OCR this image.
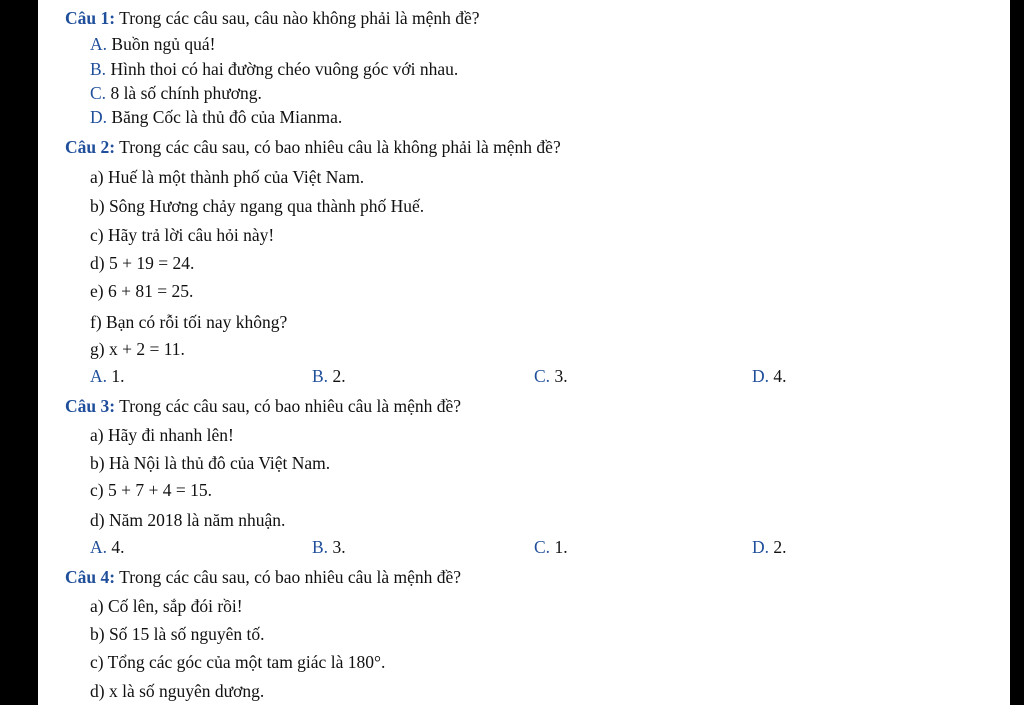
Câu 1: Trong các câu sau, câu nào không phải là mệnh đề?
A. Buồn ngủ quá!
B. Hình thoi có hai đường chéo vuông góc với nhau.
C. 8 là số chính phương.
D. Băng Cốc là thủ đô của Mianma.
Câu 2: Trong các câu sau, có bao nhiêu câu là không phải là mệnh đề?
a) Huế là một thành phố của Việt Nam.
b) Sông Hương chảy ngang qua thành phố Huế.
c) Hãy trả lời câu hỏi này!
d) 5 + 19 = 24.
e) 6 + 81 = 25.
f) Bạn có rỗi tối nay không?
g) x + 2 = 11.
A. 1.	B. 2.	C. 3.	D. 4.
Câu 3: Trong các câu sau, có bao nhiêu câu là mệnh đề?
a) Hãy đi nhanh lên!
b) Hà Nội là thủ đô của Việt Nam.
c) 5 + 7 + 4 = 15.
d) Năm 2018 là năm nhuận.
A. 4.	B. 3.	C. 1.	D. 2.
Câu 4: Trong các câu sau, có bao nhiêu câu là mệnh đề?
a) Cố lên, sắp đói rồi!
b) Số 15 là số nguyên tố.
c) Tổng các góc của một tam giác là 180°.
d) x là số nguyên dương.
